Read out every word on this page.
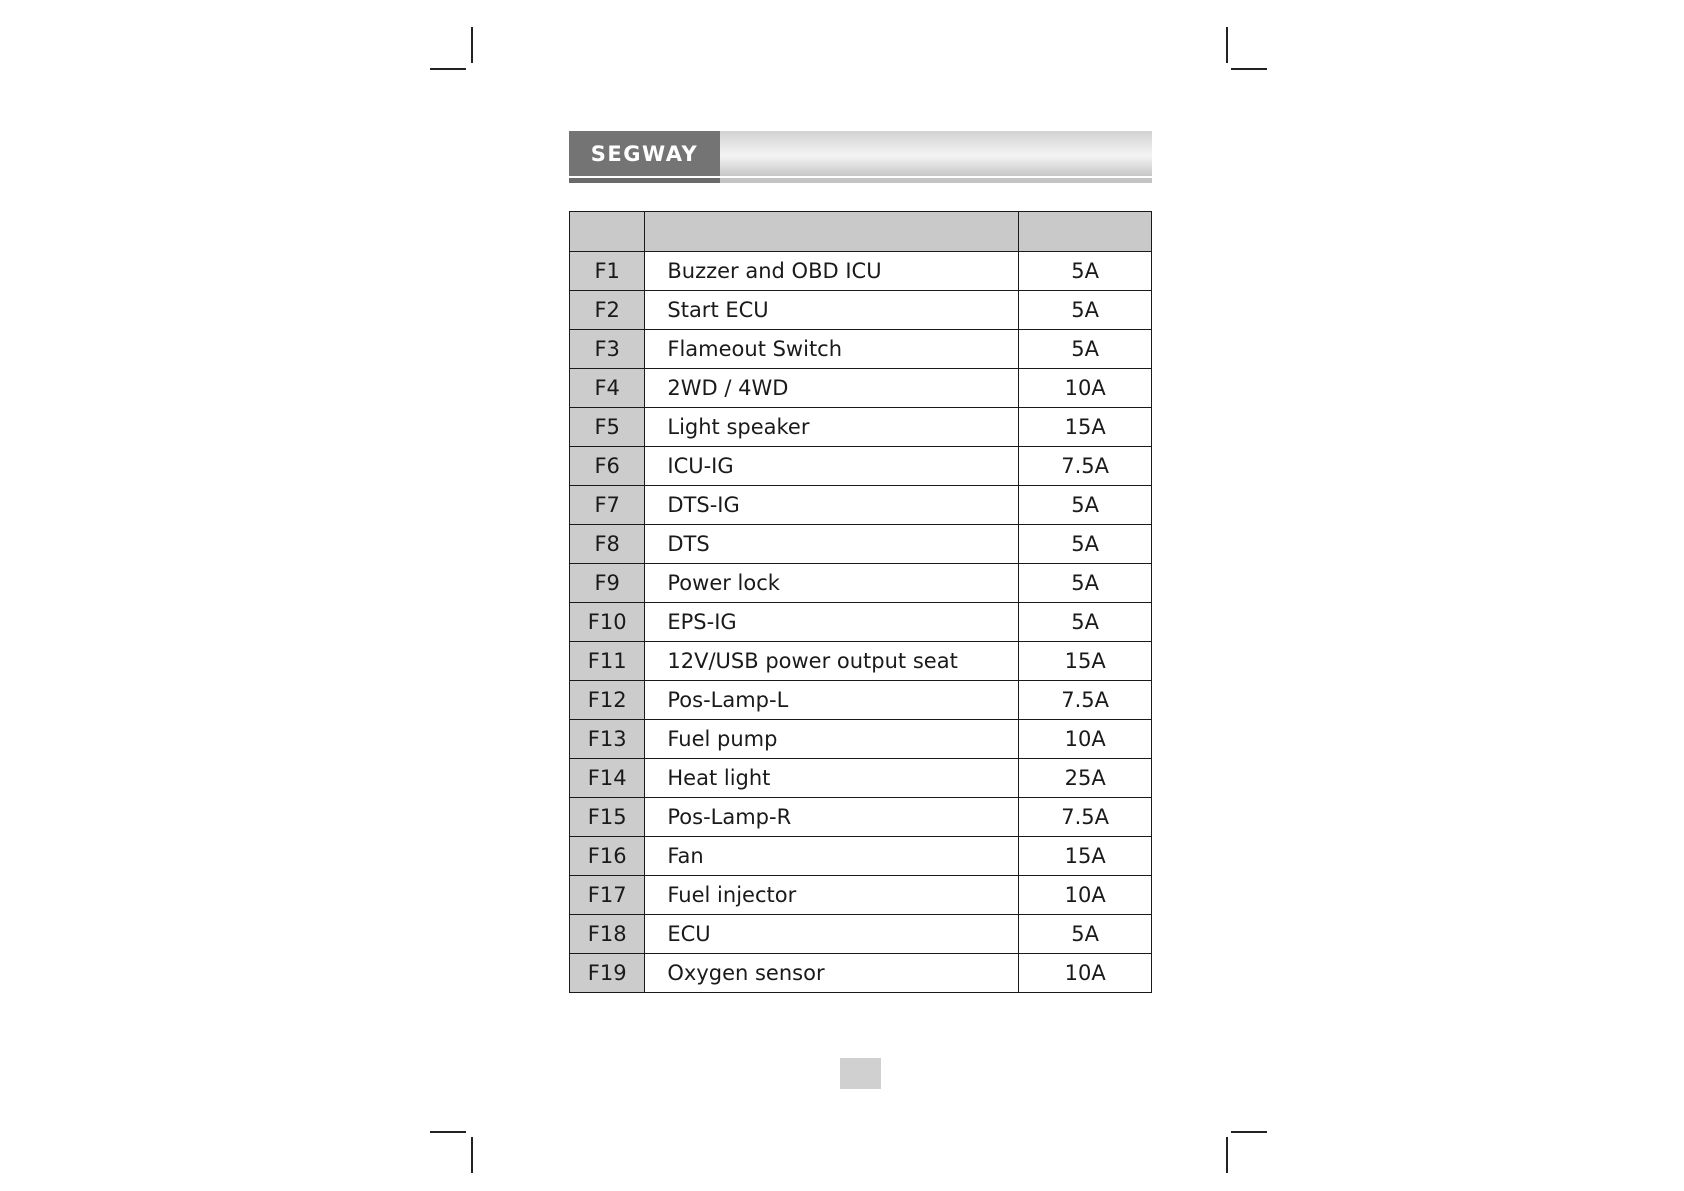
SEGWAY

F1	Buzzer and OBD ICU	5A
F2	Start ECU	5A
F3	Flameout Switch	5A
F4	2WD / 4WD	10A
F5	Light speaker	15A
F6	ICU-IG	7.5A
F7	DTS-IG	5A
F8	DTS	5A
F9	Power lock	5A
F10	EPS-IG	5A
F11	12V/USB power output seat	15A
F12	Pos-Lamp-L	7.5A
F13	Fuel pump	10A
F14	Heat light	25A
F15	Pos-Lamp-R	7.5A
F16	Fan	15A
F17	Fuel injector	10A
F18	ECU	5A
F19	Oxygen sensor	10A
